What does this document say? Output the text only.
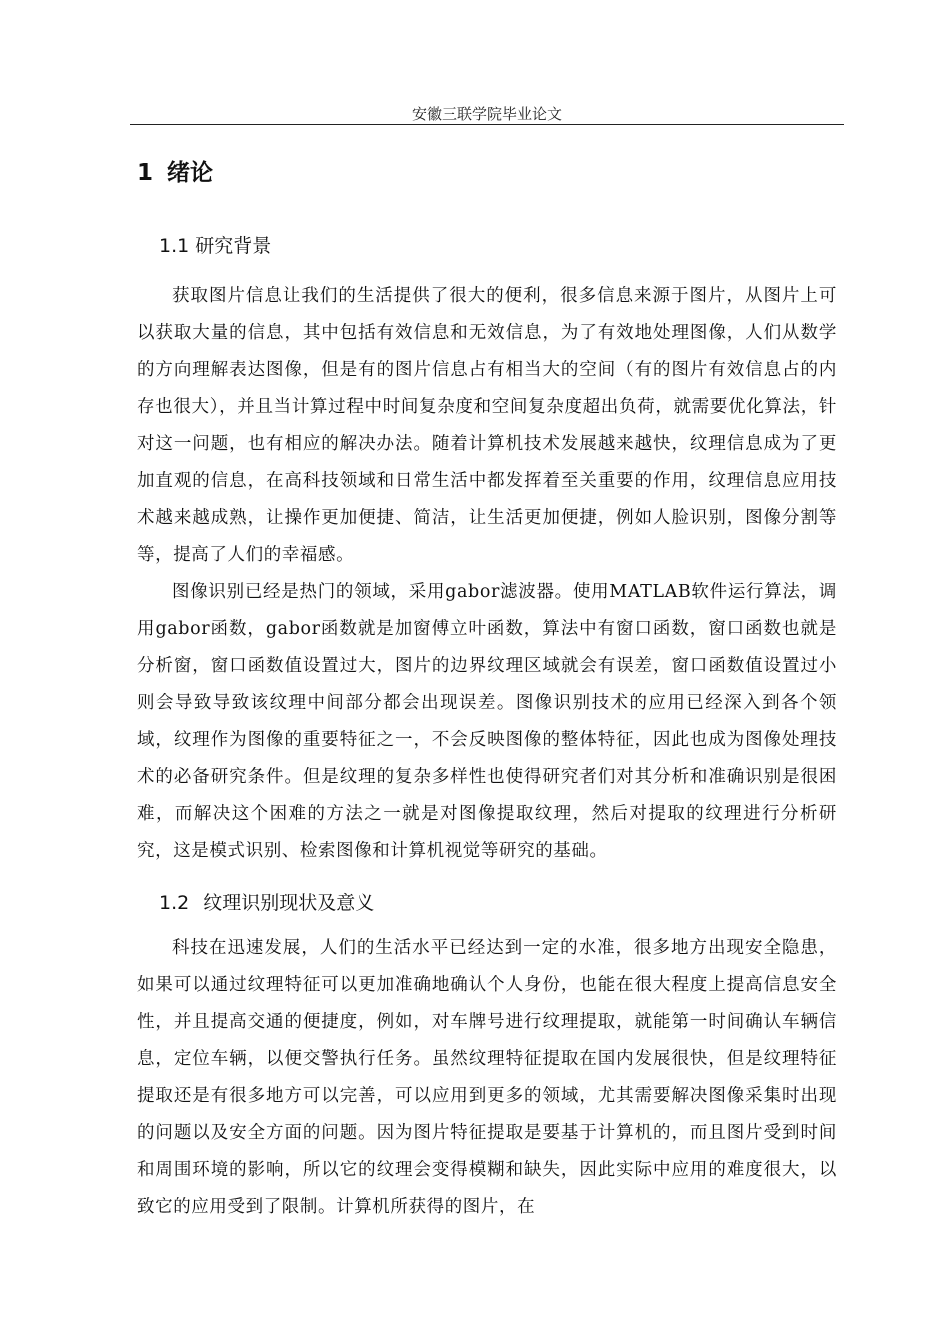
安徽三联学院毕业论文
1 绪论
1.1 研究背景

获取图片信息让我们的生活提供了很大的便利，很多信息来源于图片，从图片上可以获取大量的信息，其中包括有效信息和无效信息，为了有效地处理图像，人们从数学的方向理解表达图像，但是有的图片信息占有相当大的空间（有的图片有效信息占的内存也很大），并且当计算过程中时间复杂度和空间复杂度超出负荷，就需要优化算法，针对这一问题，也有相应的解决办法。随着计算机技术发展越来越快，纹理信息成为了更加直观的信息，在高科技领域和日常生活中都发挥着至关重要的作用，纹理信息应用技术越来越成熟，让操作更加便捷、简洁，让生活更加便捷，例如人脸识别，图像分割等等，提高了人们的幸福感。

图像识别已经是热门的领域，采用gabor滤波器。使用MATLAB软件运行算法，调用gabor函数，gabor函数就是加窗傅立叶函数，算法中有窗口函数，窗口函数也就是分析窗，窗口函数值设置过大，图片的边界纹理区域就会有误差，窗口函数值设置过小则会导致导致该纹理中间部分都会出现误差。图像识别技术的应用已经深入到各个领域，纹理作为图像的重要特征之一，不会反映图像的整体特征，因此也成为图像处理技术的必备研究条件。但是纹理的复杂多样性也使得研究者们对其分析和准确识别是很困难，而解决这个困难的方法之一就是对图像提取纹理，然后对提取的纹理进行分析研究，这是模式识别、检索图像和计算机视觉等研究的基础。

1.2 纹理识别现状及意义

科技在迅速发展，人们的生活水平已经达到一定的水准，很多地方出现安全隐患，如果可以通过纹理特征可以更加准确地确认个人身份，也能在很大程度上提高信息安全性，并且提高交通的便捷度，例如，对车牌号进行纹理提取，就能第一时间确认车辆信息，定位车辆，以便交警执行任务。虽然纹理特征提取在国内发展很快，但是纹理特征提取还是有很多地方可以完善，可以应用到更多的领域，尤其需要解决图像采集时出现的问题以及安全方面的问题。因为图片特征提取是要基于计算机的，而且图片受到时间和周围环境的影响，所以它的纹理会变得模糊和缺失，因此实际中应用的难度很大，以致它的应用受到了限制。计算机所获得的图片，在
